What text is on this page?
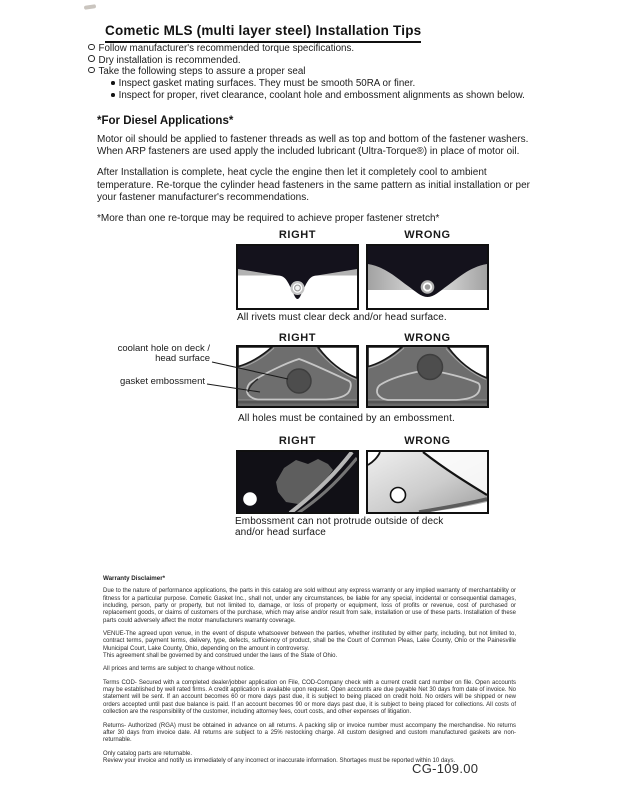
Cometic MLS (multi layer steel) Installation Tips
Follow manufacturer's recommended torque specifications.
Dry installation is recommended.
Take the following steps to assure a proper seal
Inspect gasket mating surfaces. They must be smooth 50RA or finer.
Inspect for proper, rivet clearance, coolant hole and embossment alignments as shown below.
*For Diesel Applications*

Motor oil should be applied to fastener threads as well as top and bottom of the fastener washers. When ARP fasteners are used apply the included lubricant (Ultra-Torque®) in place of motor oil.

After Installation is complete, heat cycle the engine then let it completely cool to ambient temperature. Re-torque the cylinder head fasteners in the same pattern as initial installation or per your fastener manufacturer's recommendations.

*More than one re-torque may be required to achieve proper fastener stretch*

RIGHT	WRONG
All rivets must clear deck and/or head surface.
RIGHT	WRONG
coolant hole on deck / head surface
gasket embossment
All holes must be contained by an embossment.
RIGHT	WRONG
Embossment can not protrude outside of deck and/or head surface
Warranty Disclaimer*

Due to the nature of performance applications, the parts in this catalog are sold without any express warranty or any implied warranty of merchantability or fitness for a particular purpose. Cometic Gasket Inc., shall not, under any circumstances, be liable for any special, incidental or consequential damages, including, person, party or property, but not limited to, damage, or loss of property or equipment, loss of profits or revenue, cost of purchased or replacement goods, or claims of customers of the purchase, which may arise and/or result from sale, installation or use of these parts. Installation of these parts could adversely affect the motor manufacturers warranty coverage.

VENUE-The agreed upon venue, in the event of dispute whatsoever between the parties, whether instituted by either party, including, but not limited to, contract terms, payment terms, delivery, type, defects, sufficiency of product, shall be the Court of Common Pleas, Lake County, Ohio or the Painesville Municipal Court, Lake County, Ohio, depending on the amount in controversy.

This agreement shall be governed by and construed under the laws of the State of Ohio.

All prices and terms are subject to change without notice.

Terms COD- Secured with a completed dealer/jobber application on File, COD-Company check with a current credit card number on file. Open accounts may be established by well rated firms. A credit application is available upon request. Open accounts are due payable Net 30 days from date of invoice. No statement will be sent. If an account becomes 60 or more days past due, it is subject to being placed on credit hold. No orders will be shipped or new orders accepted until past due balance is paid. If an account becomes 90 or more days past due, it is subject to being placed for collections. All costs of collection are the responsibility of the customer, including attorney fees, court costs, and other expenses of litigation.

Returns- Authorized (RGA) must be obtained in advance on all returns. A packing slip or invoice number must accompany the merchandise. No returns after 30 days from invoice date. All returns are subject to a 25% restocking charge. All custom designed and custom manufactured gaskets are non-returnable.

Only catalog parts are returnable.

Review your invoice and notify us immediately of any incorrect or inaccurate information. Shortages must be reported within 10 days.

CG-109.00
